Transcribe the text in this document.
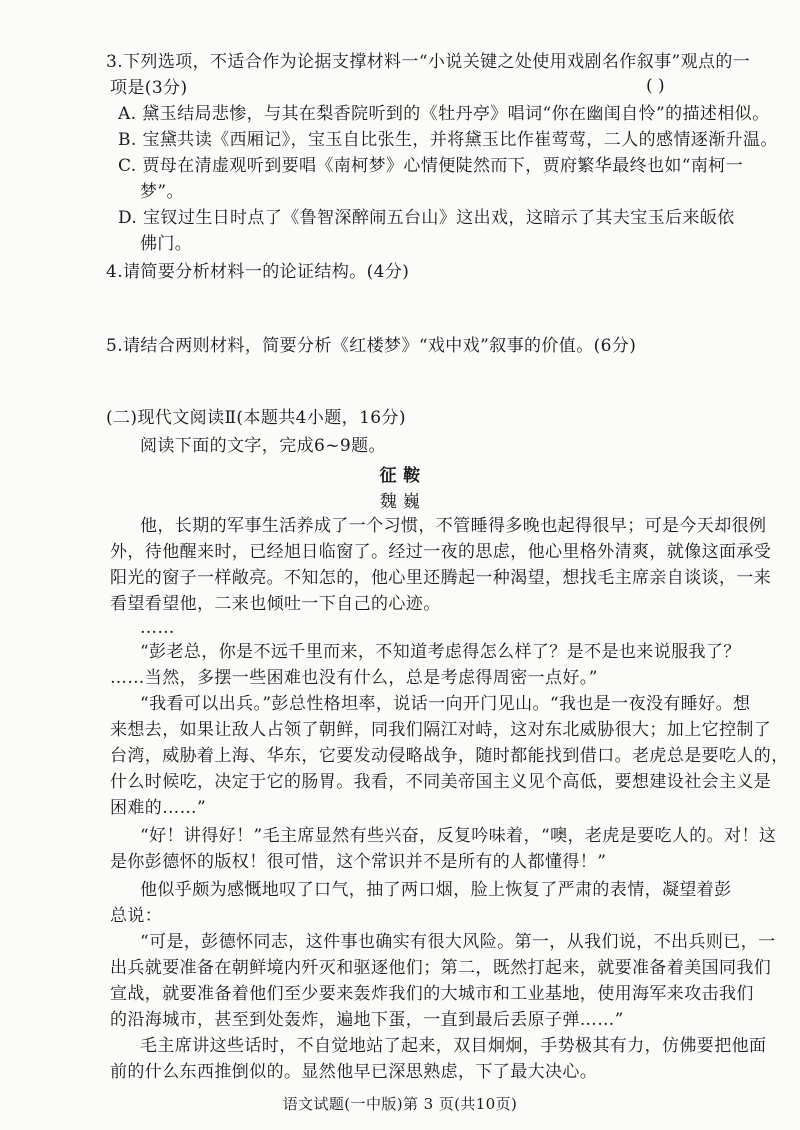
3.下列选项，不适合作为论据支撑材料一“小说关键之处使用戏剧名作叙事”观点的一
项是(3分)	( )
A. 黛玉结局悲惨，与其在梨香院听到的《牡丹亭》唱词“你在幽闺自怜”的描述相似。
B. 宝黛共读《西厢记》，宝玉自比张生，并将黛玉比作崔莺莺，二人的感情逐渐升温。
C. 贾母在清虚观听到要唱《南柯梦》心情便陡然而下，贾府繁华最终也如“南柯一
梦”。
D. 宝钗过生日时点了《鲁智深醉闹五台山》这出戏，这暗示了其夫宝玉后来皈依
佛门。
4.请简要分析材料一的论证结构。(4分)
5.请结合两则材料，简要分析《红楼梦》“戏中戏”叙事的价值。(6分)
(二)现代文阅读Ⅱ(本题共4小题，16分)
阅读下面的文字，完成6~9题。
征 鞍
魏 巍
他，长期的军事生活养成了一个习惯，不管睡得多晚也起得很早；可是今天却很例
外，待他醒来时，已经旭日临窗了。经过一夜的思虑，他心里格外清爽，就像这面承受
阳光的窗子一样敞亮。不知怎的，他心里还腾起一种渴望，想找毛主席亲自谈谈，一来
看望看望他，二来也倾吐一下自己的心迹。
……
“彭老总，你是不远千里而来，不知道考虑得怎么样了？是不是也来说服我了？
……当然，多摆一些困难也没有什么，总是考虑得周密一点好。”
“我看可以出兵。”彭总性格坦率，说话一向开门见山。“我也是一夜没有睡好。想
来想去，如果让敌人占领了朝鲜，同我们隔江对峙，这对东北威胁很大；加上它控制了
台湾，威胁着上海、华东，它要发动侵略战争，随时都能找到借口。老虎总是要吃人的，
什么时候吃，决定于它的肠胃。我看，不同美帝国主义见个高低，要想建设社会主义是
困难的……”
“好！讲得好！”毛主席显然有些兴奋，反复吟味着，“噢，老虎是要吃人的。对！这
是你彭德怀的版权！很可惜，这个常识并不是所有的人都懂得！”
他似乎颇为感慨地叹了口气，抽了两口烟，脸上恢复了严肃的表情，凝望着彭
总说：
“可是，彭德怀同志，这件事也确实有很大风险。第一，从我们说，不出兵则已，一
出兵就要准备在朝鲜境内歼灭和驱逐他们；第二，既然打起来，就要准备着美国同我们
宣战，就要准备着他们至少要来轰炸我们的大城市和工业基地，使用海军来攻击我们
的沿海城市，甚至到处轰炸，遍地下蛋，一直到最后丢原子弹……”
毛主席讲这些话时，不自觉地站了起来，双目炯炯，手势极其有力，仿佛要把他面
前的什么东西推倒似的。显然他早已深思熟虑，下了最大决心。
语文试题(一中版)第 3 页(共10页)
